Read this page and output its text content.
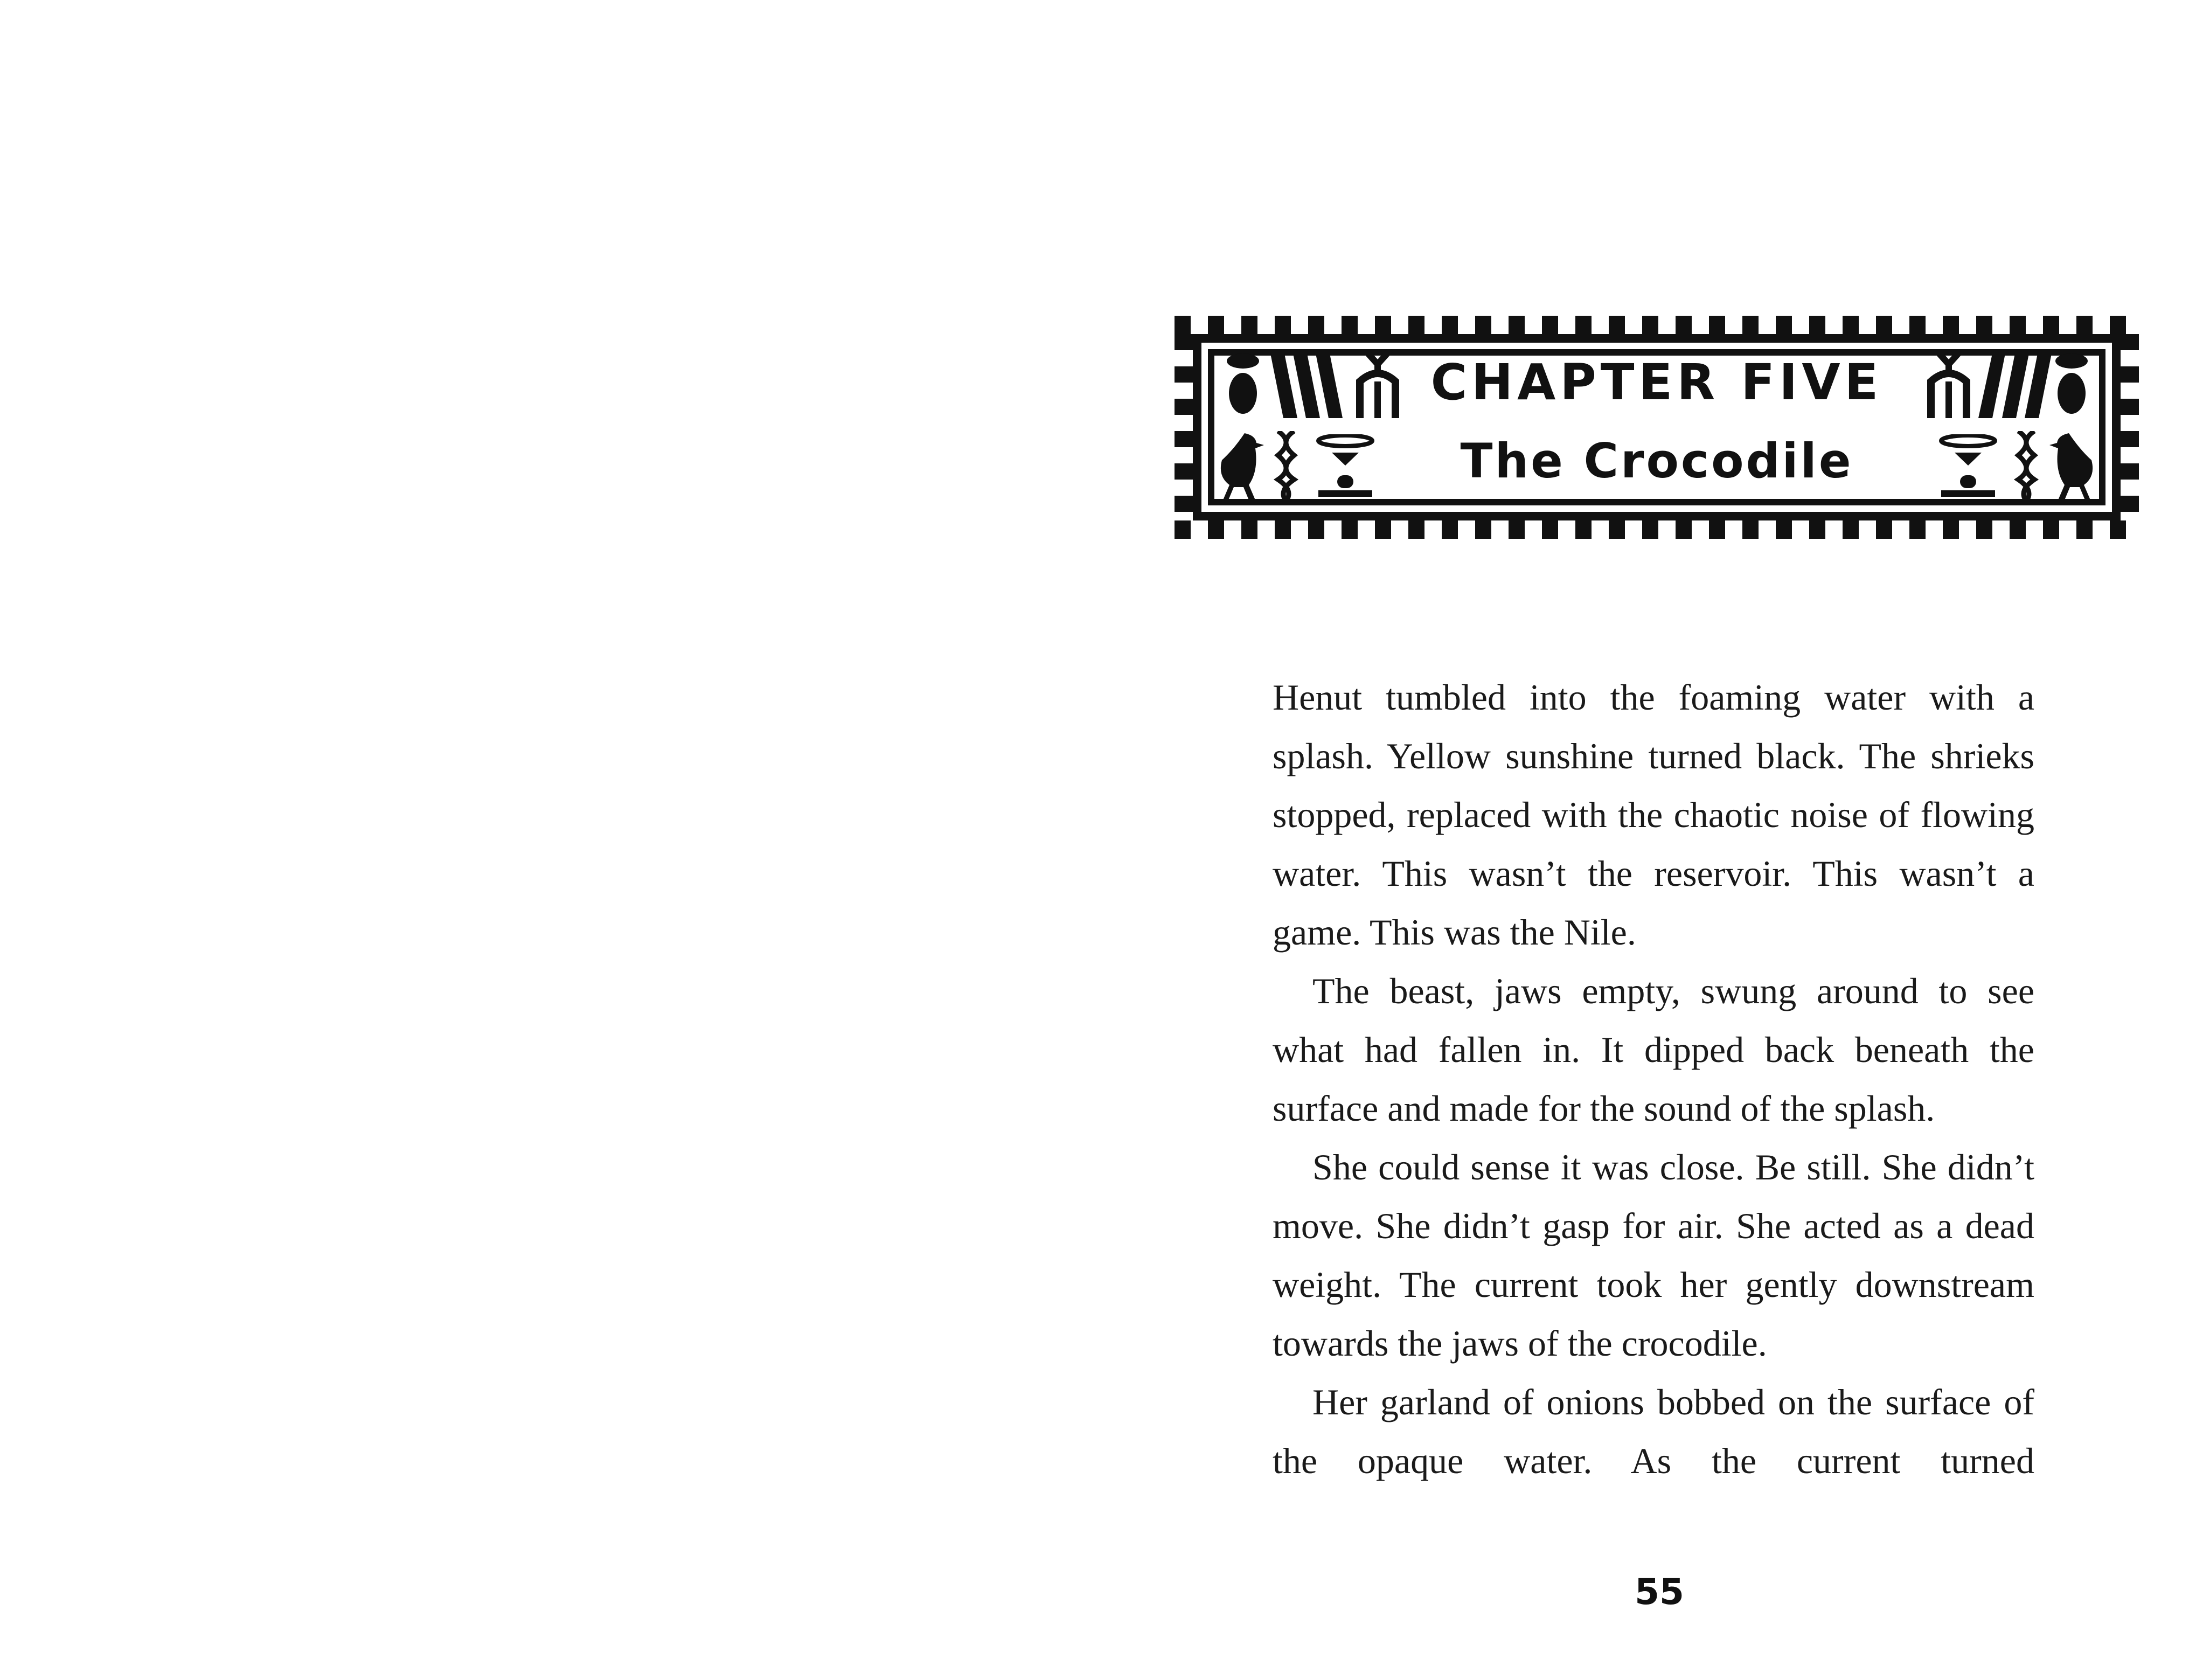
CHAPTER FIVE
The Crocodile

Henut tumbled into the foaming water with a splash. Yellow sunshine turned black. The shrieks stopped, replaced with the chaotic noise of flowing water. This wasn’t the reservoir. This wasn’t a game. This was the Nile.

The beast, jaws empty, swung around to see what had fallen in. It dipped back beneath the surface and made for the sound of the splash.

She could sense it was close. Be still. She didn’t move. She didn’t gasp for air. She acted as a dead weight. The current took her gently downstream towards the jaws of the crocodile.

Her garland of onions bobbed on the surface of the opaque water. As the current turned

55
